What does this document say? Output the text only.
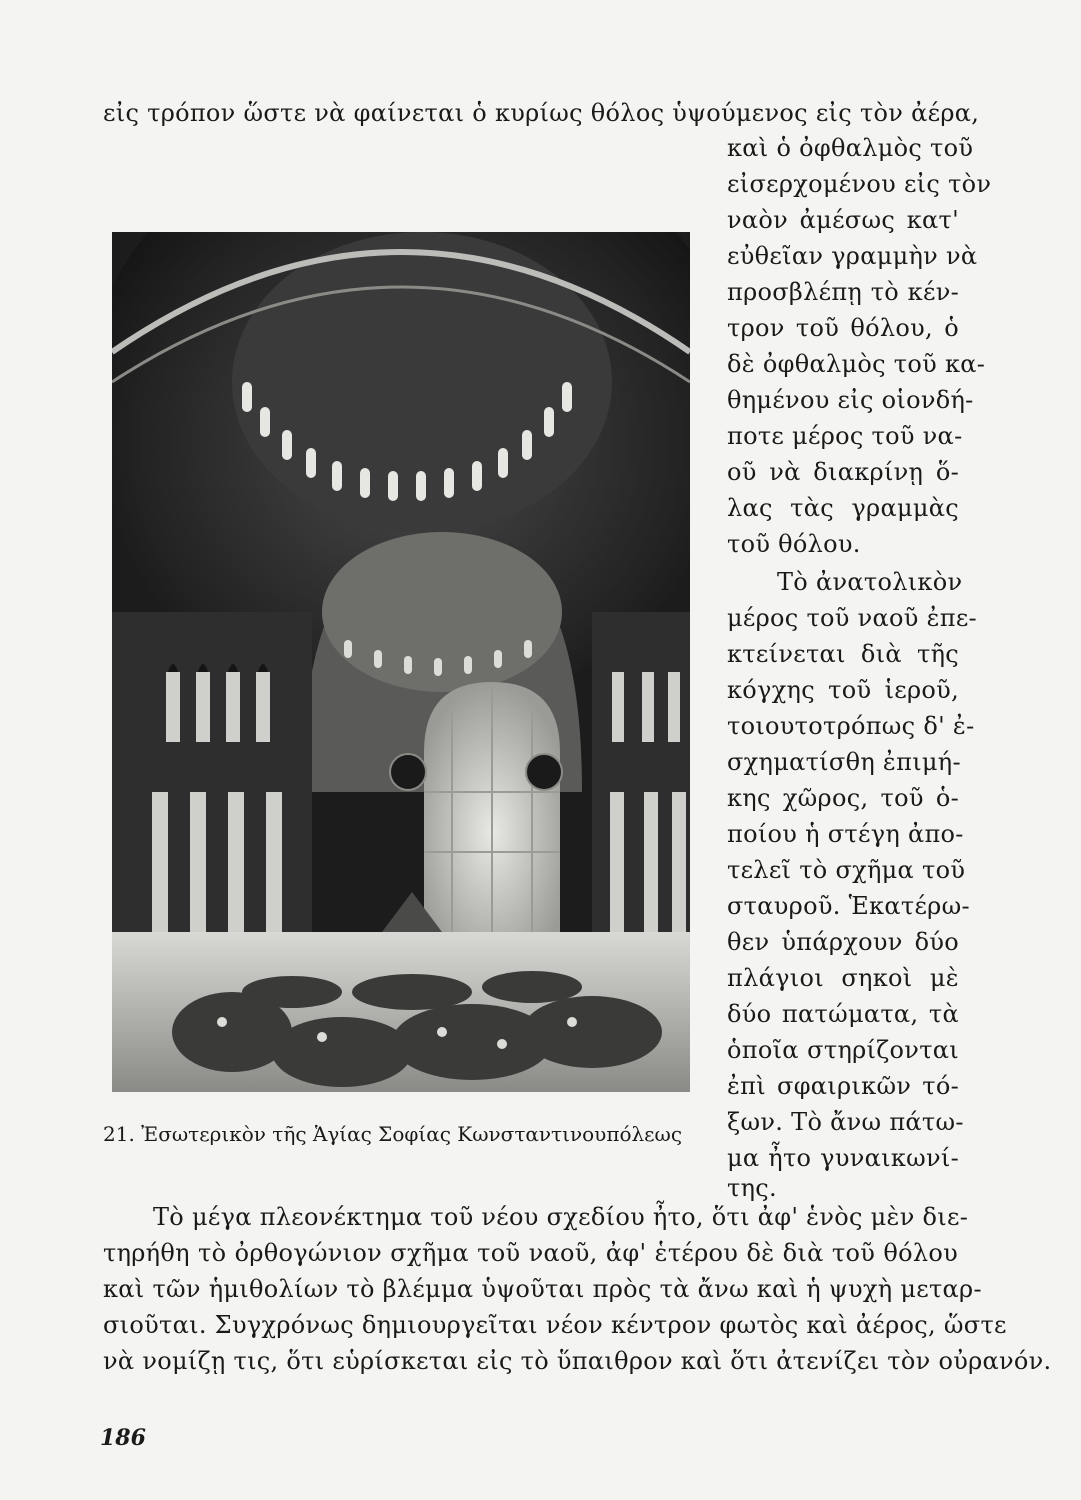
εἰς τρόπον ὥστε νὰ φαίνεται ὁ κυρίως θόλος ὑψούμενος εἰς τὸν ἀέρα,
καὶ ὁ ὀφθαλμὸς τοῦ
εἰσερχομένου εἰς τὸν
ναὸν ἀμέσως κατ'
εὐθεῖαν γραμμὴν νὰ
προσβλέπῃ τὸ κέν-
τρον τοῦ θόλου, ὁ
δὲ ὀφθαλμὸς τοῦ κα-
θημένου εἰς οἱονδή-
ποτε μέρος τοῦ να-
οῦ νὰ διακρίνῃ ὅ-
λας τὰς γραμμὰς
τοῦ θόλου.
Τὸ ἀνατολικὸν
μέρος τοῦ ναοῦ ἐπε-
κτείνεται διὰ τῆς
κόγχης τοῦ ἱεροῦ,
τοιουτοτρόπως δ' ἐ-
σχηματίσθη ἐπιμή-
κης χῶρος, τοῦ ὁ-
ποίου ἡ στέγη ἀπο-
τελεῖ τὸ σχῆμα τοῦ
σταυροῦ. Ἑκατέρω-
θεν ὑπάρχουν δύο
πλάγιοι σηκοὶ μὲ
δύο πατώματα, τὰ
ὁποῖα στηρίζονται
ἐπὶ σφαιρικῶν τό-
ξων. Τὸ ἄνω πάτω-
μα ἦτο γυναικωνί-
της.
21. Ἐσωτερικὸν τῆς Ἁγίας Σοφίας Κωνσταντινουπόλεως
Τὸ μέγα πλεονέκτημα τοῦ νέου σχεδίου ἦτο, ὅτι ἀφ' ἑνὸς μὲν διε-
τηρήθη τὸ ὀρθογώνιον σχῆμα τοῦ ναοῦ, ἀφ' ἑτέρου δὲ διὰ τοῦ θόλου
καὶ τῶν ἡμιθολίων τὸ βλέμμα ὑψοῦται πρὸς τὰ ἄνω καὶ ἡ ψυχὴ μεταρ-
σιοῦται. Συγχρόνως δημιουργεῖται νέον κέντρον φωτὸς καὶ ἀέρος, ὥστε
νὰ νομίζῃ τις, ὅτι εὑρίσκεται εἰς τὸ ὕπαιθρον καὶ ὅτι ἀτενίζει τὸν οὐρανόν.
186
